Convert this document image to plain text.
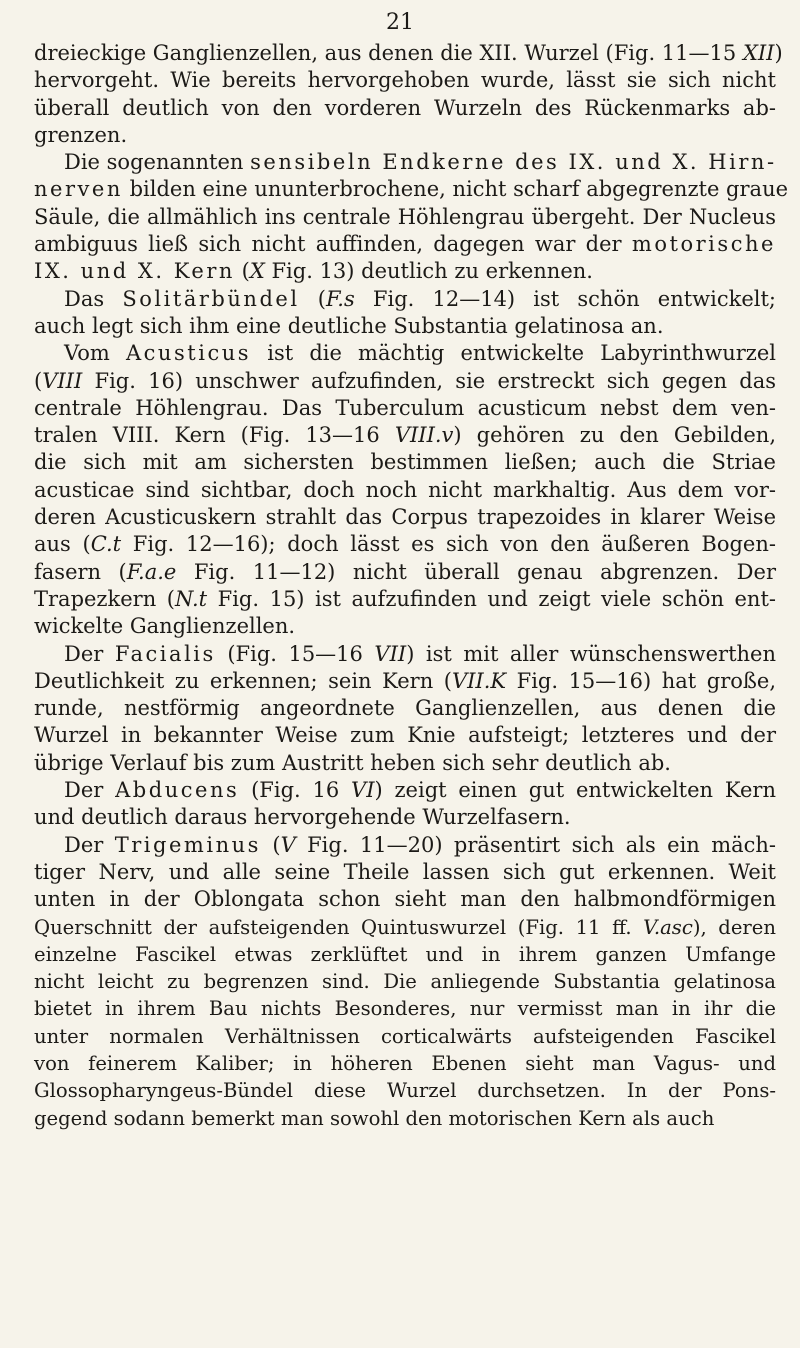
21
dreieckige Ganglienzellen, aus denen die XII. Wurzel (Fig. 11—15 XII)
hervorgeht. Wie bereits hervorgehoben wurde, lässt sie sich nicht
überall deutlich von den vorderen Wurzeln des Rückenmarks ab-
grenzen.
Die sogenannten sensibeln Endkerne des IX. und X. Hirn-
nerven bilden eine ununterbrochene, nicht scharf abgegrenzte graue
Säule, die allmählich ins centrale Höhlengrau übergeht. Der Nucleus
ambiguus ließ sich nicht auffinden, dagegen war der motorische
IX. und X. Kern (X Fig. 13) deutlich zu erkennen.
Das Solitärbündel (F.s Fig. 12—14) ist schön entwickelt;
auch legt sich ihm eine deutliche Substantia gelatinosa an.
Vom Acusticus ist die mächtig entwickelte Labyrinthwurzel
(VIII Fig. 16) unschwer aufzufinden, sie erstreckt sich gegen das
centrale Höhlengrau. Das Tuberculum acusticum nebst dem ven-
tralen VIII. Kern (Fig. 13—16 VIII.v) gehören zu den Gebilden,
die sich mit am sichersten bestimmen ließen; auch die Striae
acusticae sind sichtbar, doch noch nicht markhaltig. Aus dem vor-
deren Acusticuskern strahlt das Corpus trapezoides in klarer Weise
aus (C.t Fig. 12—16); doch lässt es sich von den äußeren Bogen-
fasern (F.a.e Fig. 11—12) nicht überall genau abgrenzen. Der
Trapezkern (N.t Fig. 15) ist aufzufinden und zeigt viele schön ent-
wickelte Ganglienzellen.
Der Facialis (Fig. 15—16 VII) ist mit aller wünschenswerthen
Deutlichkeit zu erkennen; sein Kern (VII.K Fig. 15—16) hat große,
runde, nestförmig angeordnete Ganglienzellen, aus denen die
Wurzel in bekannter Weise zum Knie aufsteigt; letzteres und der
übrige Verlauf bis zum Austritt heben sich sehr deutlich ab.
Der Abducens (Fig. 16 VI) zeigt einen gut entwickelten Kern
und deutlich daraus hervorgehende Wurzelfasern.
Der Trigeminus (V Fig. 11—20) präsentirt sich als ein mäch-
tiger Nerv, und alle seine Theile lassen sich gut erkennen. Weit
unten in der Oblongata schon sieht man den halbmondförmigen
Querschnitt der aufsteigenden Quintuswurzel (Fig. 11 ff. V.asc), deren
einzelne Fascikel etwas zerklüftet und in ihrem ganzen Umfange
nicht leicht zu begrenzen sind. Die anliegende Substantia gelatinosa
bietet in ihrem Bau nichts Besonderes, nur vermisst man in ihr die
unter normalen Verhältnissen corticalwärts aufsteigenden Fascikel
von feinerem Kaliber; in höheren Ebenen sieht man Vagus- und
Glossopharyngeus-Bündel diese Wurzel durchsetzen. In der Pons-
gegend sodann bemerkt man sowohl den motorischen Kern als auch
